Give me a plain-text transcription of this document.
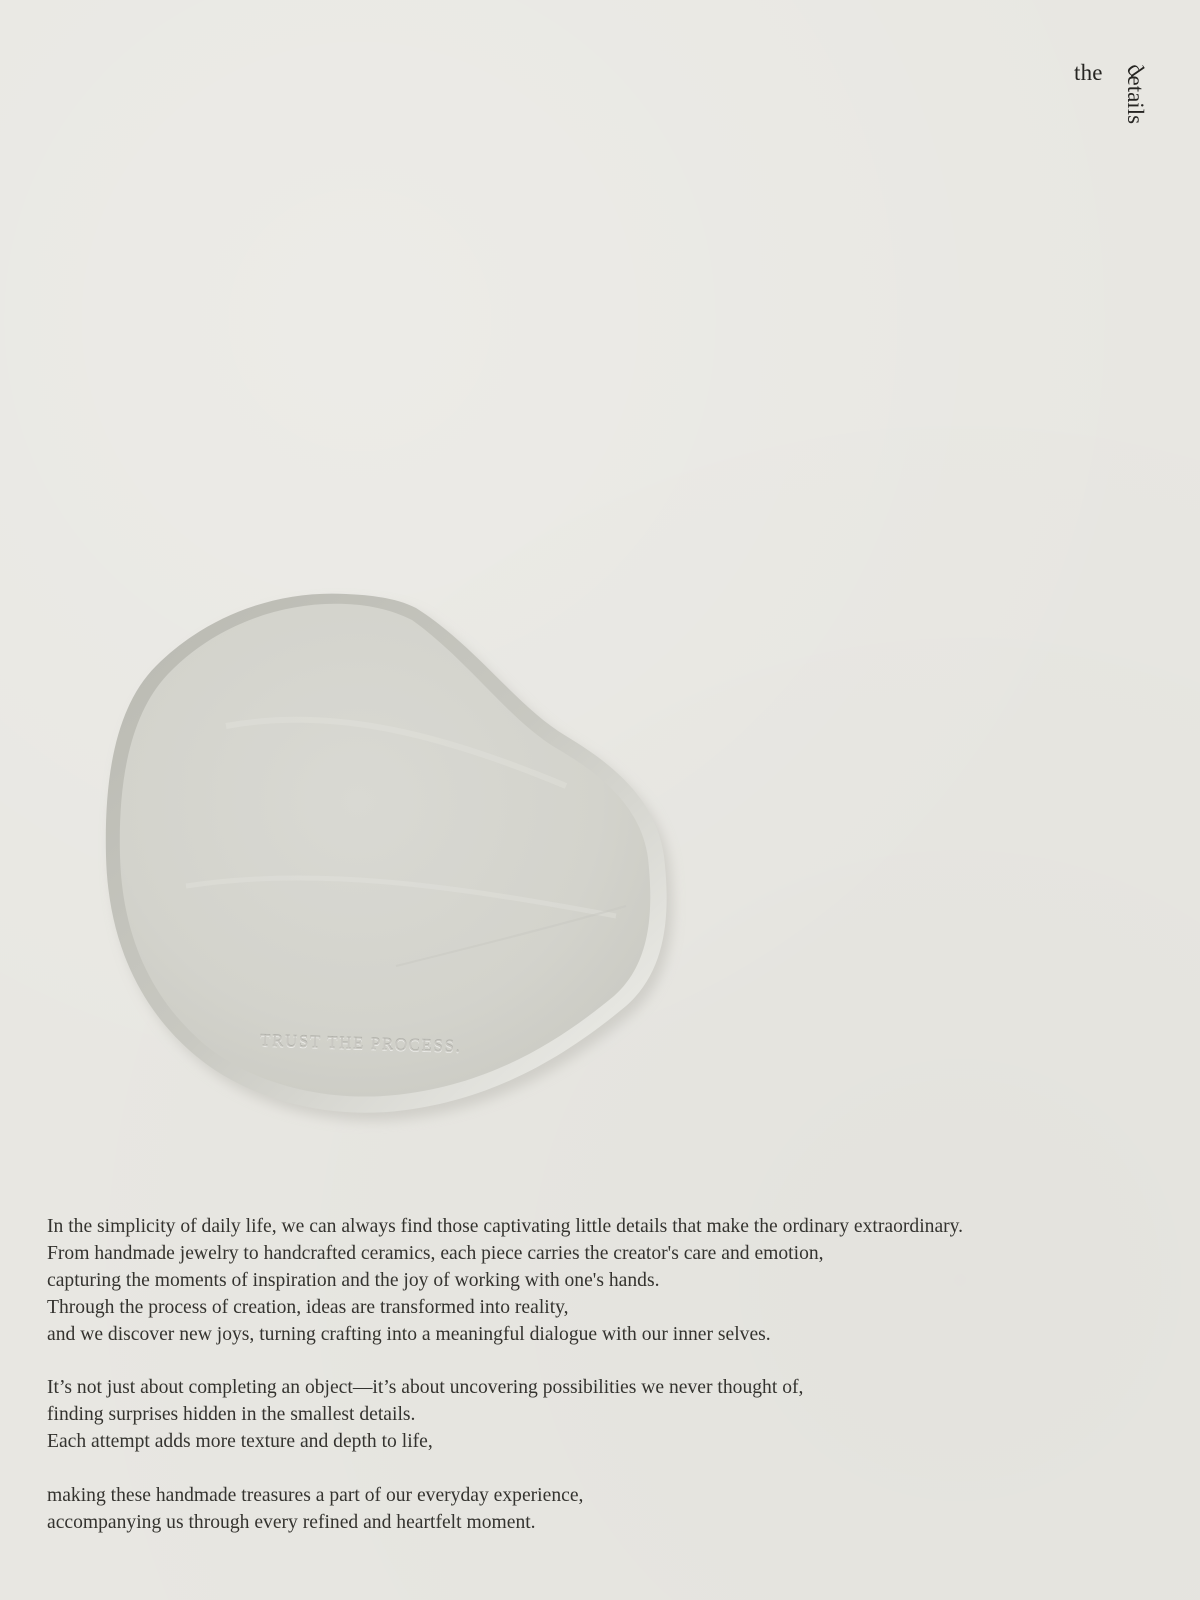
the details
TRUST THE PROCESS.

In the simplicity of daily life, we can always find those captivating little details that make the ordinary extraordinary.
From handmade jewelry to handcrafted ceramics, each piece carries the creator's care and emotion,
capturing the moments of inspiration and the joy of working with one's hands.
Through the process of creation, ideas are transformed into reality,
and we discover new joys, turning crafting into a meaningful dialogue with our inner selves.

It’s not just about completing an object—it’s about uncovering possibilities we never thought of,
finding surprises hidden in the smallest details.
Each attempt adds more texture and depth to life,

making these handmade treasures a part of our everyday experience,
accompanying us through every refined and heartfelt moment.
